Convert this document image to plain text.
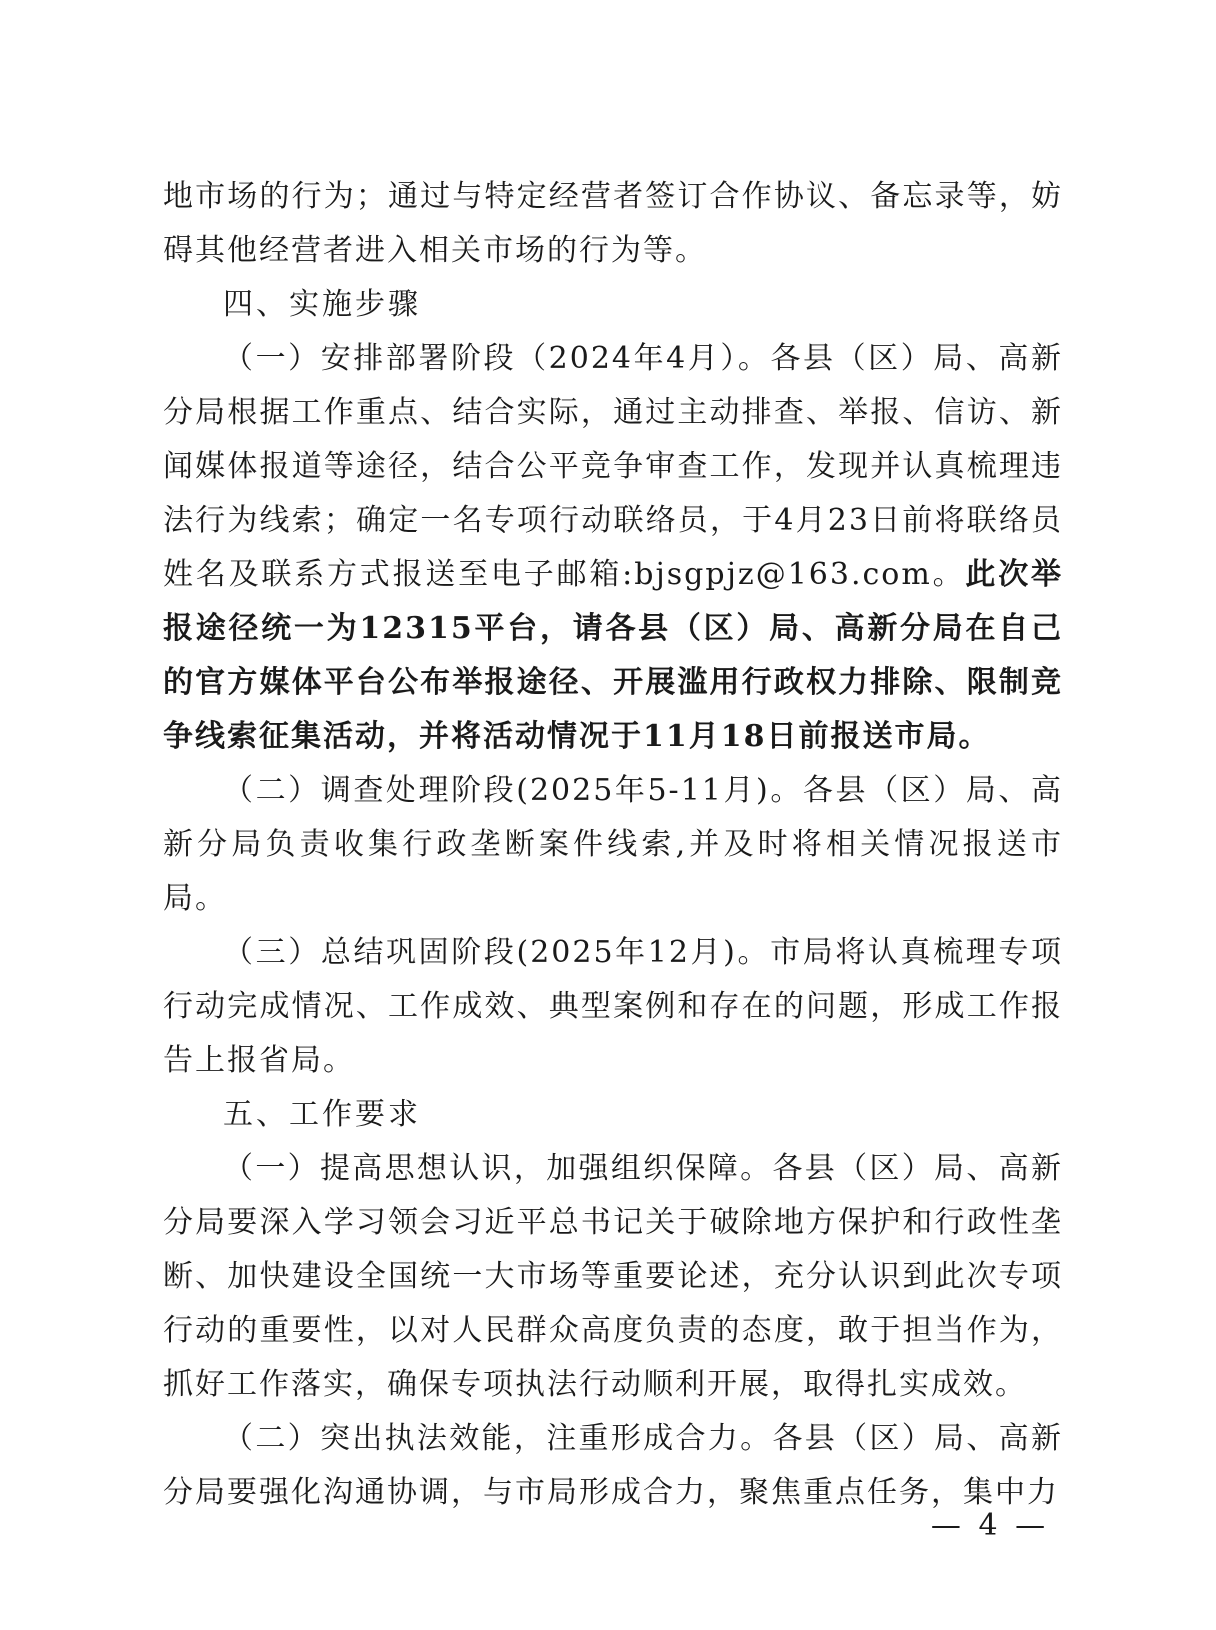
地市场的行为；通过与特定经营者签订合作协议、备忘录等，妨碍其他经营者进入相关市场的行为等。

四、实施步骤

（一）安排部署阶段（2024年4月）。各县（区）局、高新分局根据工作重点、结合实际，通过主动排查、举报、信访、新闻媒体报道等途径，结合公平竞争审查工作，发现并认真梳理违法行为线索；确定一名专项行动联络员，于4月23日前将联络员姓名及联系方式报送至电子邮箱:bjsgpjz@163.com。此次举报途径统一为12315平台，请各县（区）局、高新分局在自己的官方媒体平台公布举报途径、开展滥用行政权力排除、限制竞争线索征集活动，并将活动情况于11月18日前报送市局。

（二）调查处理阶段(2025年5-11月)。各县（区）局、高新分局负责收集行政垄断案件线索,并及时将相关情况报送市局。

（三）总结巩固阶段(2025年12月)。市局将认真梳理专项行动完成情况、工作成效、典型案例和存在的问题，形成工作报告上报省局。

五、工作要求

（一）提高思想认识，加强组织保障。各县（区）局、高新分局要深入学习领会习近平总书记关于破除地方保护和行政性垄断、加快建设全国统一大市场等重要论述，充分认识到此次专项行动的重要性，以对人民群众高度负责的态度，敢于担当作为，抓好工作落实，确保专项执法行动顺利开展，取得扎实成效。

（二）突出执法效能，注重形成合力。各县（区）局、高新分局要强化沟通协调，与市局形成合力，聚焦重点任务，集中力

— 4 —
